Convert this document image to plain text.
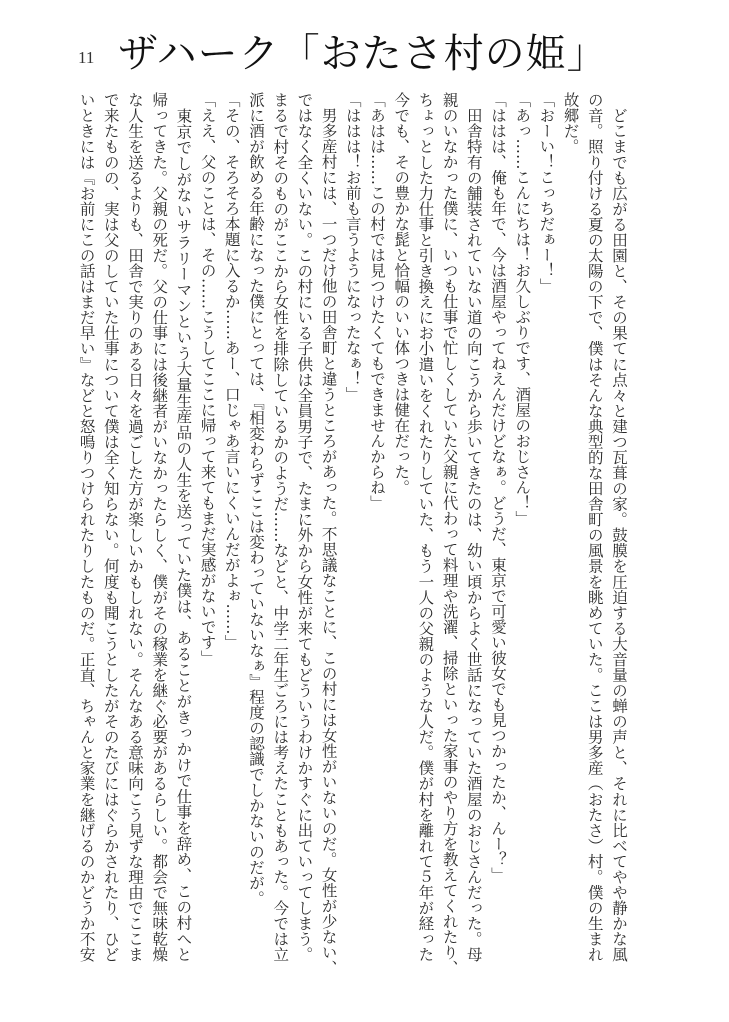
11 ザハーク「おたさ村の姫」
　どこまでも広がる田園と、その果てに点々と建つ瓦葺の家。鼓膜を圧迫する大音量の蝉の声と、それに比べてやや静かな風
の音。照り付ける夏の太陽の下で、僕はそんな典型的な田舎町の風景を眺めていた。ここは男多産（おたさ）村。僕の生まれ
故郷だ。
「おーい！こっちだぁー！」
「あっ……こんにちは！お久しぶりです、酒屋のおじさん！」
「ははは、俺も年で、今は酒屋やってねえんだけどなぁ。どうだ、東京で可愛い彼女でも見つかったか、んー？」
　田舎特有の舗装されていない道の向こうから歩いてきたのは、幼い頃からよく世話になっていた酒屋のおじさんだった。母
親のいなかった僕に、いつも仕事で忙しくしていた父親に代わって料理や洗濯、掃除といった家事のやり方を教えてくれたり、
ちょっとした力仕事と引き換えにお小遣いをくれたりしていた、もう一人の父親のような人だ。僕が村を離れて５年が経った
今でも、その豊かな髭と恰幅のいい体つきは健在だった。
「あはは……この村では見つけたくてもできませんからね」
「ははは！お前も言うようになったなぁ！」
　男多産村には、一つだけ他の田舎町と違うところがあった。不思議なことに、この村には女性がいないのだ。女性が少ない、
ではなく全くいない。この村にいる子供は全員男子で、たまに外から女性が来てもどういうわけかすぐに出ていってしまう。
まるで村そのものがここから女性を排除しているかのようだ……などと、中学二年生ごろには考えたこともあった。今では立
派に酒が飲める年齢になった僕にとっては、『相変わらずここは変わっていないなぁ』程度の認識でしかないのだが。
「その、そろそろ本題に入るか……あー、口じゃあ言いにくいんだがよぉ……」
「ええ、父のことは、その……こうしてここに帰って来てもまだ実感がないです」
　東京でしがないサラリーマンという大量生産品の人生を送っていた僕は、あることがきっかけで仕事を辞め、この村へと
帰ってきた。父親の死だ。父の仕事には後継者がいなかったらしく、僕がその稼業を継ぐ必要があるらしい。都会で無味乾燥
な人生を送るよりも、田舎で実りのある日々を過ごした方が楽しいかもしれない。そんなある意味向こう見ずな理由でここま
で来たものの、実は父のしていた仕事について僕は全く知らない。何度も聞こうとしたがそのたびにはぐらかされたり、ひど
いときには『お前にこの話はまだ早い』などと怒鳴りつけられたりしたものだ。正直、ちゃんと家業を継げるのかどうか不安
